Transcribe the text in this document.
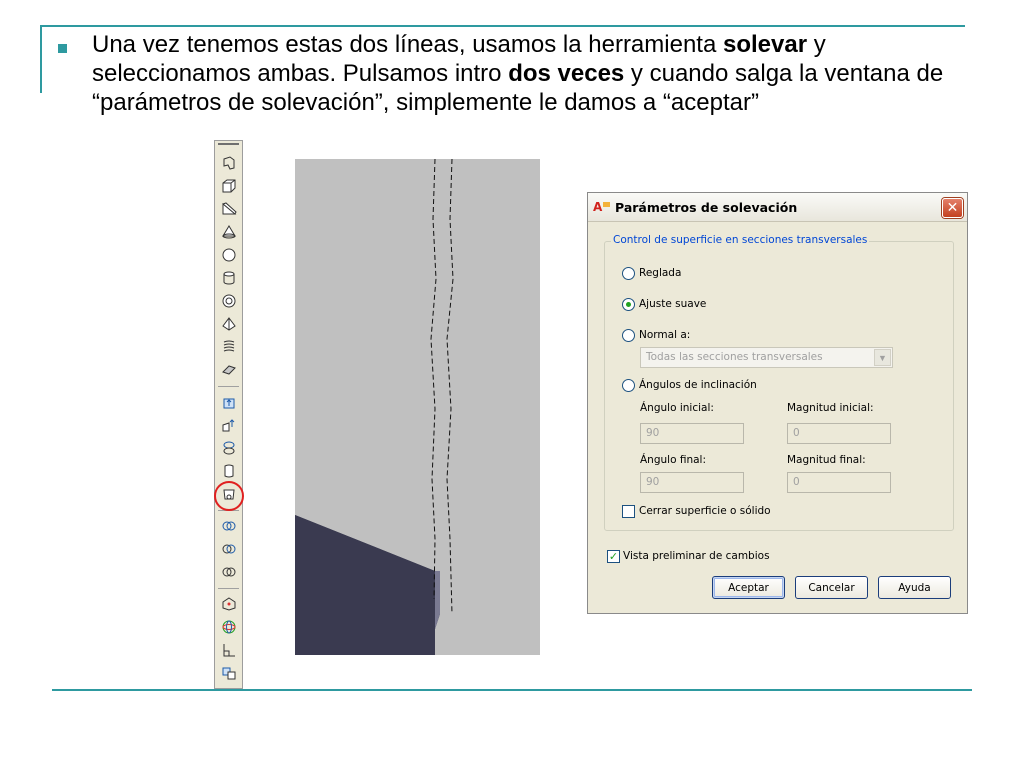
Una vez tenemos estas dos líneas, usamos la herramienta solevar y seleccionamos ambas. Pulsamos intro dos veces y cuando salga la ventana de “parámetros de solevación”, simplemente le damos a “aceptar”
A Parámetros de solevación	✕
Control de superficie en secciones transversales
Reglada
Ajuste suave
Normal a:
Todas las secciones transversales	▼
Ángulos de inclinación
Ángulo inicial:	Magnitud inicial:
90	0
Ángulo final:	Magnitud final:
90	0
Cerrar superficie o sólido
✓ Vista preliminar de cambios
Aceptar	Cancelar	Ayuda
